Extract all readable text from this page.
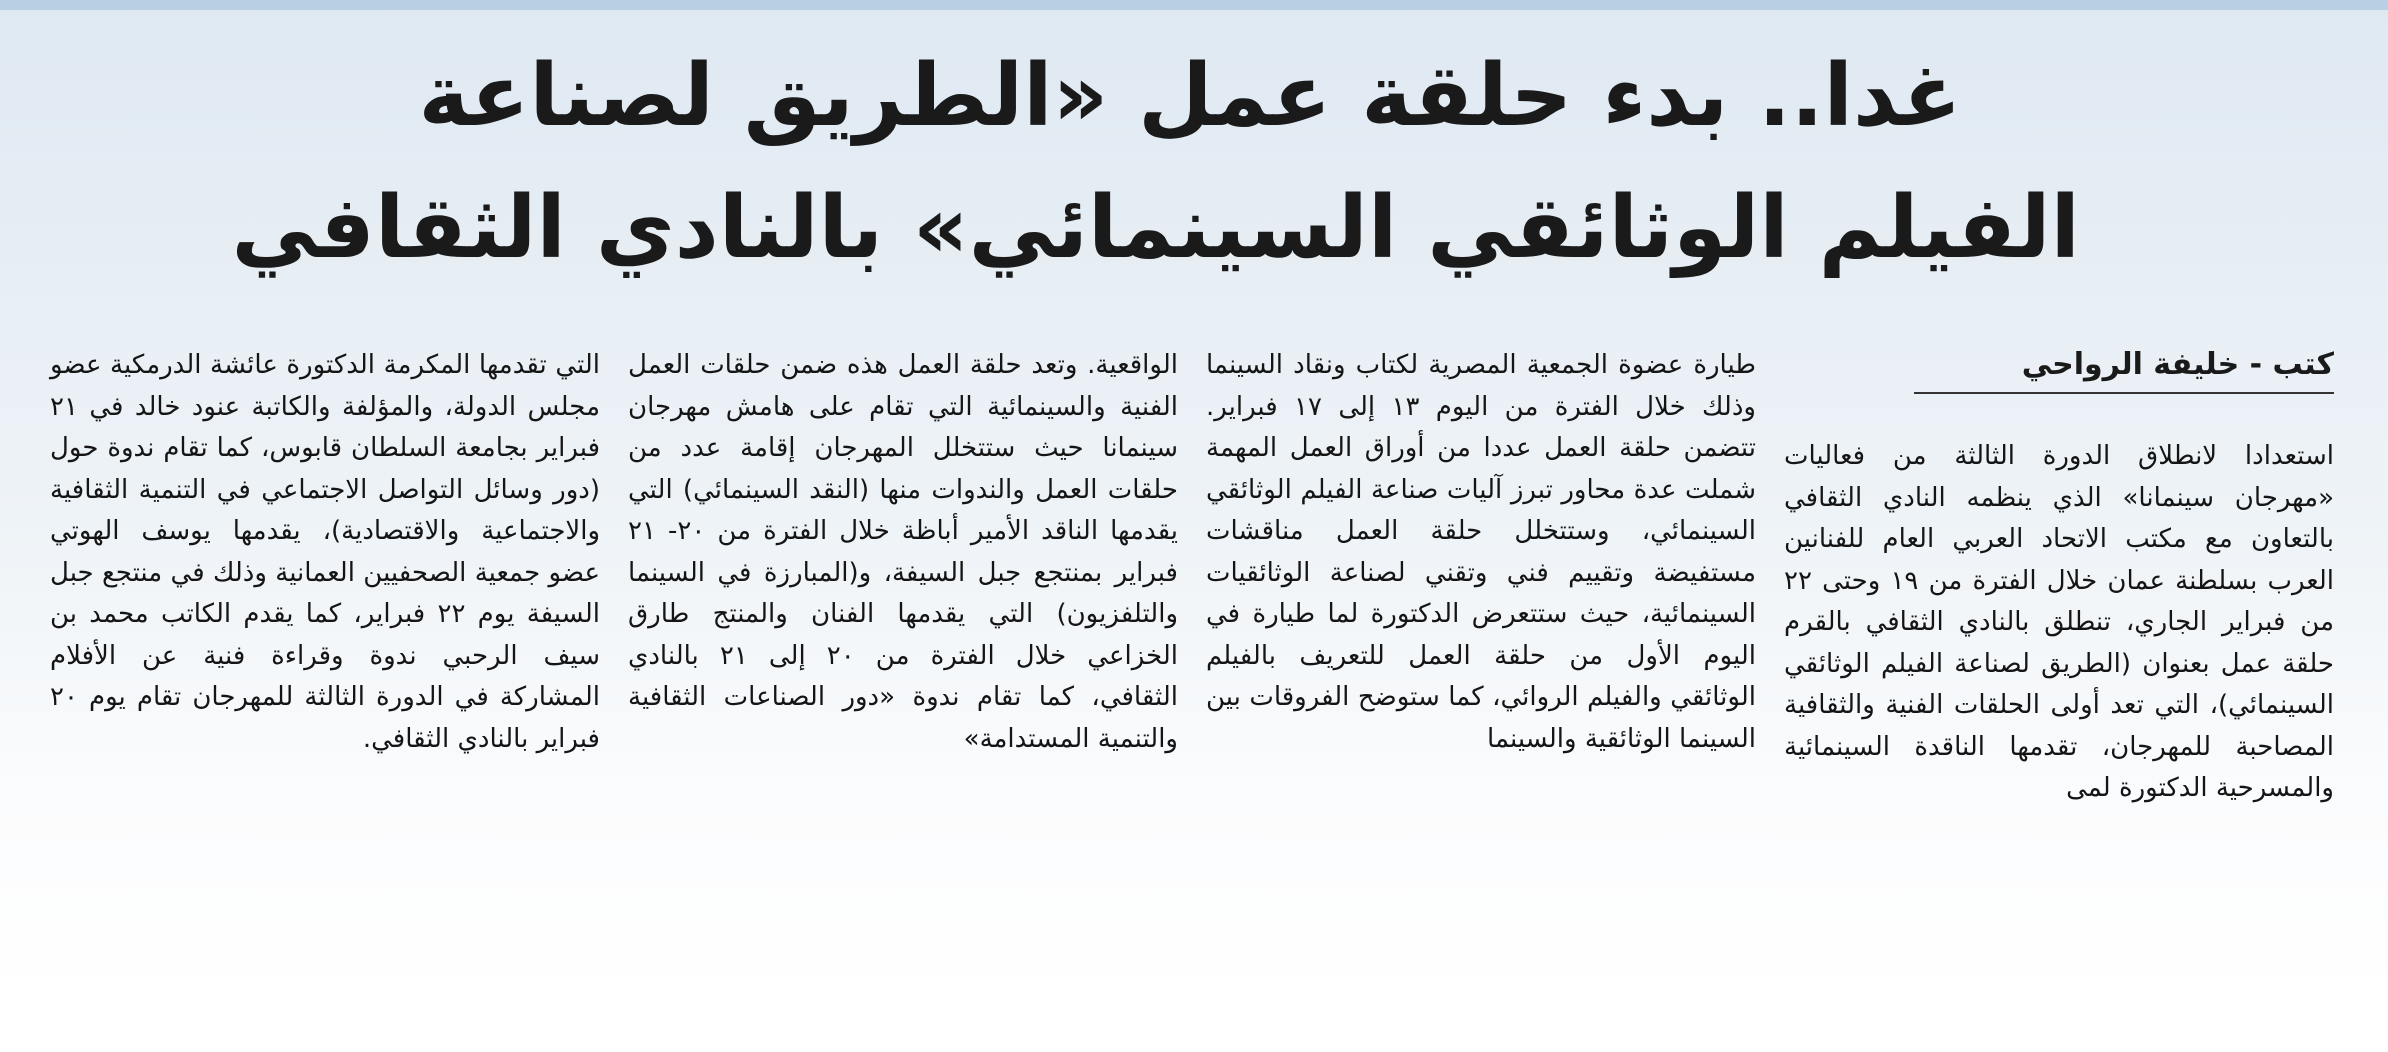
غدا.. بدء حلقة عمل «الطريق لصناعة
الفيلم الوثائقي السينمائي» بالنادي الثقافي
كتب - خليفة الرواحي

استعدادا لانطلاق الدورة الثالثة من فعاليات «مهرجان سينمانا» الذي ينظمه النادي الثقافي بالتعاون مع مكتب الاتحاد العربي العام للفنانين العرب بسلطنة عمان خلال الفترة من ١٩ وحتى ٢٢ من فبراير الجاري، تنطلق بالنادي الثقافي بالقرم حلقة عمل بعنوان (الطريق لصناعة الفيلم الوثائقي السينمائي)، التي تعد أولى الحلقات الفنية والثقافية المصاحبة للمهرجان، تقدمها الناقدة السينمائية والمسرحية الدكتورة لمى

طيارة عضوة الجمعية المصرية لكتاب ونقاد السينما وذلك خلال الفترة من اليوم ١٣ إلى ١٧ فبراير. تتضمن حلقة العمل عددا من أوراق العمل المهمة شملت عدة محاور تبرز آليات صناعة الفيلم الوثائقي السينمائي، وستتخلل حلقة العمل مناقشات مستفيضة وتقييم فني وتقني لصناعة الوثائقيات السينمائية، حيث ستتعرض الدكتورة لما طيارة في اليوم الأول من حلقة العمل للتعريف بالفيلم الوثائقي والفيلم الروائي، كما ستوضح الفروقات بين السينما الوثائقية والسينما

الواقعية. وتعد حلقة العمل هذه ضمن حلقات العمل الفنية والسينمائية التي تقام على هامش مهرجان سينمانا حيث ستتخلل المهرجان إقامة عدد من حلقات العمل والندوات منها (النقد السينمائي) التي يقدمها الناقد الأمير أباظة خلال الفترة من ٢٠- ٢١ فبراير بمنتجع جبل السيفة، و(المبارزة في السينما والتلفزيون) التي يقدمها الفنان والمنتج طارق الخزاعي خلال الفترة من ٢٠ إلى ٢١ بالنادي الثقافي، كما تقام ندوة «دور الصناعات الثقافية والتنمية المستدامة»

التي تقدمها المكرمة الدكتورة عائشة الدرمكية عضو مجلس الدولة، والمؤلفة والكاتبة عنود خالد في ٢١ فبراير بجامعة السلطان قابوس، كما تقام ندوة حول (دور وسائل التواصل الاجتماعي في التنمية الثقافية والاجتماعية والاقتصادية)، يقدمها يوسف الهوتي عضو جمعية الصحفيين العمانية وذلك في منتجع جبل السيفة يوم ٢٢ فبراير، كما يقدم الكاتب محمد بن سيف الرحبي ندوة وقراءة فنية عن الأفلام المشاركة في الدورة الثالثة للمهرجان تقام يوم ٢٠ فبراير بالنادي الثقافي.
